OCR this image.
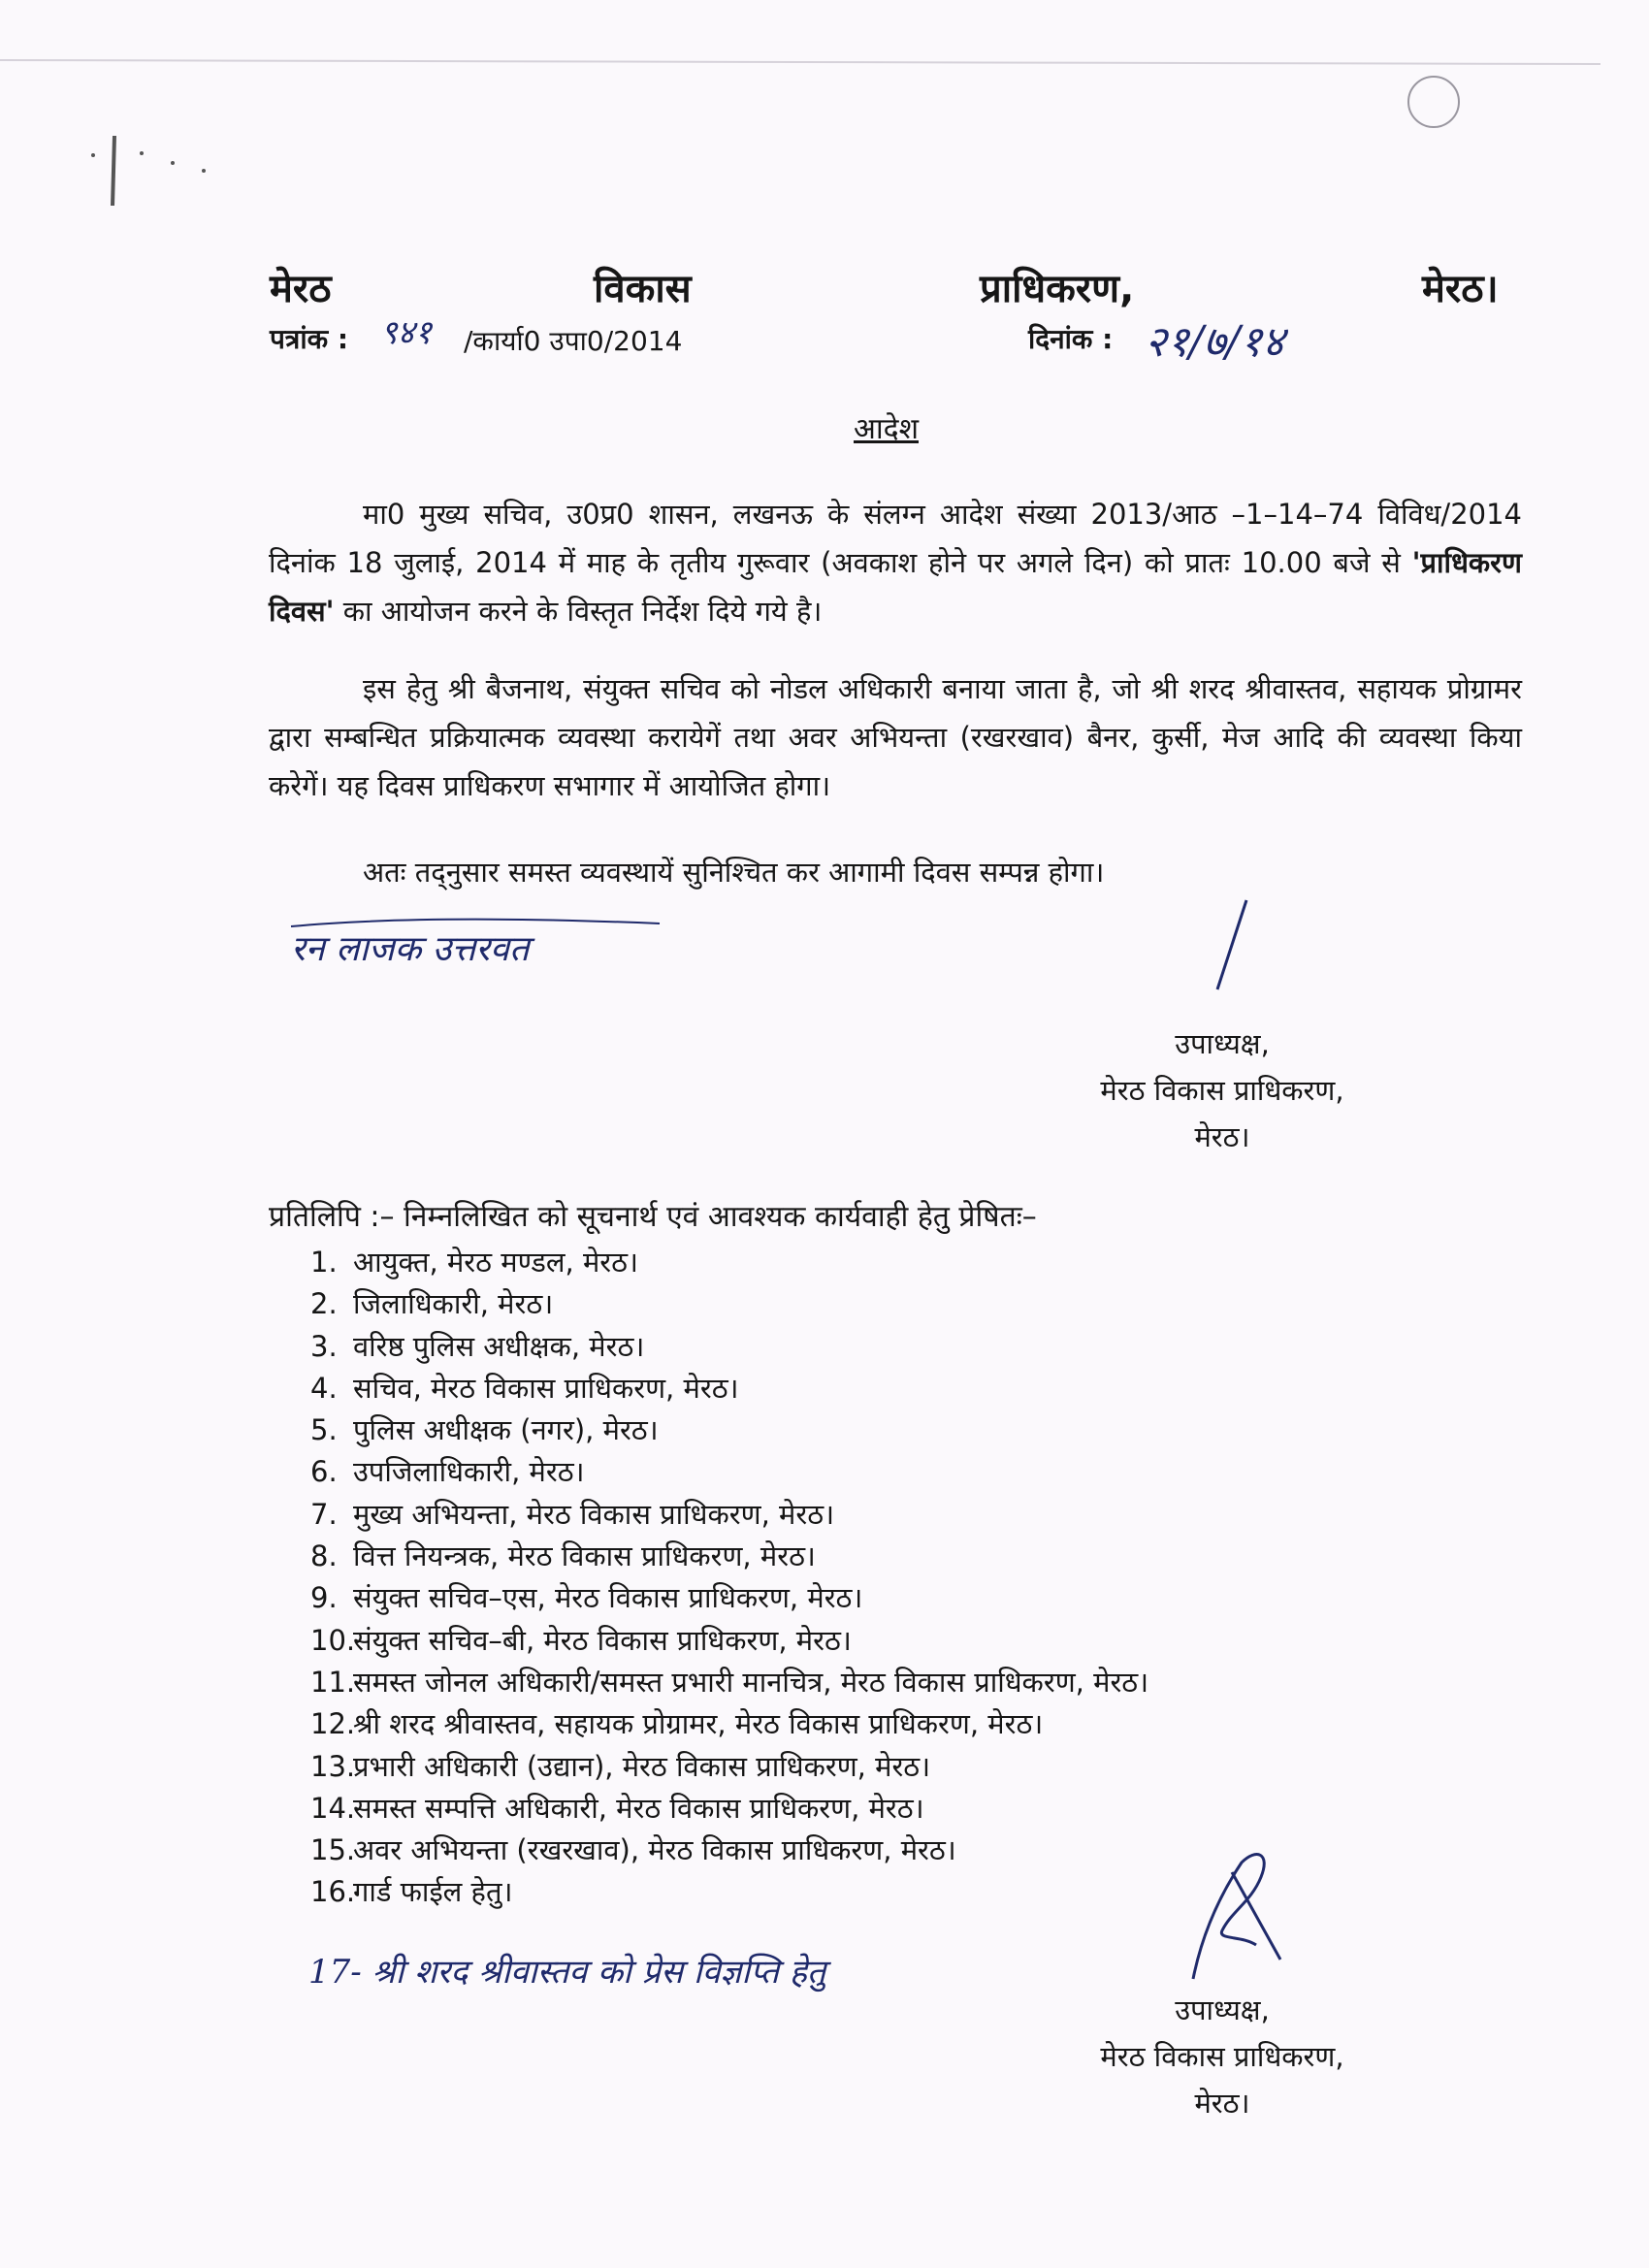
मेरठ	विकास	प्राधिकरण,	मेरठ।
पत्रांक : ९४१ /कार्या0 उपा0/2014	दिनांक : २१/७/१४
आदेश

मा0 मुख्य सचिव, उ0प्र0 शासन, लखनऊ के संलग्न आदेश संख्या 2013/आठ –1–14–74 विविध/2014 दिनांक 18 जुलाई, 2014 में माह के तृतीय गुरूवार (अवकाश होने पर अगले दिन) को प्रातः 10.00 बजे से 'प्राधिकरण दिवस' का आयोजन करने के विस्तृत निर्देश दिये गये है।

इस हेतु श्री बैजनाथ, संयुक्त सचिव को नोडल अधिकारी बनाया जाता है, जो श्री शरद श्रीवास्तव, सहायक प्रोग्रामर द्वारा सम्बन्धित प्रक्रियात्मक व्यवस्था करायेगें तथा अवर अभियन्ता (रखरखाव) बैनर, कुर्सी, मेज आदि की व्यवस्था किया करेगें। यह दिवस प्राधिकरण सभागार में आयोजित होगा।

अतः तद्नुसार समस्त व्यवस्थायें सुनिश्चित कर आगामी दिवस सम्पन्न होगा।

रन लाजक उत्तरवत
उपाध्यक्ष,
मेरठ विकास प्राधिकरण,
मेरठ।
प्रतिलिपि :– निम्नलिखित को सूचनार्थ एवं आवश्यक कार्यवाही हेतु प्रेषितः–
1. आयुक्त, मेरठ मण्डल, मेरठ।
2. जिलाधिकारी, मेरठ।
3. वरिष्ठ पुलिस अधीक्षक, मेरठ।
4. सचिव, मेरठ विकास प्राधिकरण, मेरठ।
5. पुलिस अधीक्षक (नगर), मेरठ।
6. उपजिलाधिकारी, मेरठ।
7. मुख्य अभियन्ता, मेरठ विकास प्राधिकरण, मेरठ।
8. वित्त नियन्त्रक, मेरठ विकास प्राधिकरण, मेरठ।
9. संयुक्त सचिव–एस, मेरठ विकास प्राधिकरण, मेरठ।
10.संयुक्त सचिव–बी, मेरठ विकास प्राधिकरण, मेरठ।
11.समस्त जोनल अधिकारी/समस्त प्रभारी मानचित्र, मेरठ विकास प्राधिकरण, मेरठ।
12.श्री शरद श्रीवास्तव, सहायक प्रोग्रामर, मेरठ विकास प्राधिकरण, मेरठ।
13.प्रभारी अधिकारी (उद्यान), मेरठ विकास प्राधिकरण, मेरठ।
14.समस्त सम्पत्ति अधिकारी, मेरठ विकास प्राधिकरण, मेरठ।
15.अवर अभियन्ता (रखरखाव), मेरठ विकास प्राधिकरण, मेरठ।
16.गार्ड फाईल हेतु।
17- श्री शरद श्रीवास्तव को प्रेस विज्ञप्ति हेतु
उपाध्यक्ष,
मेरठ विकास प्राधिकरण,
मेरठ।
